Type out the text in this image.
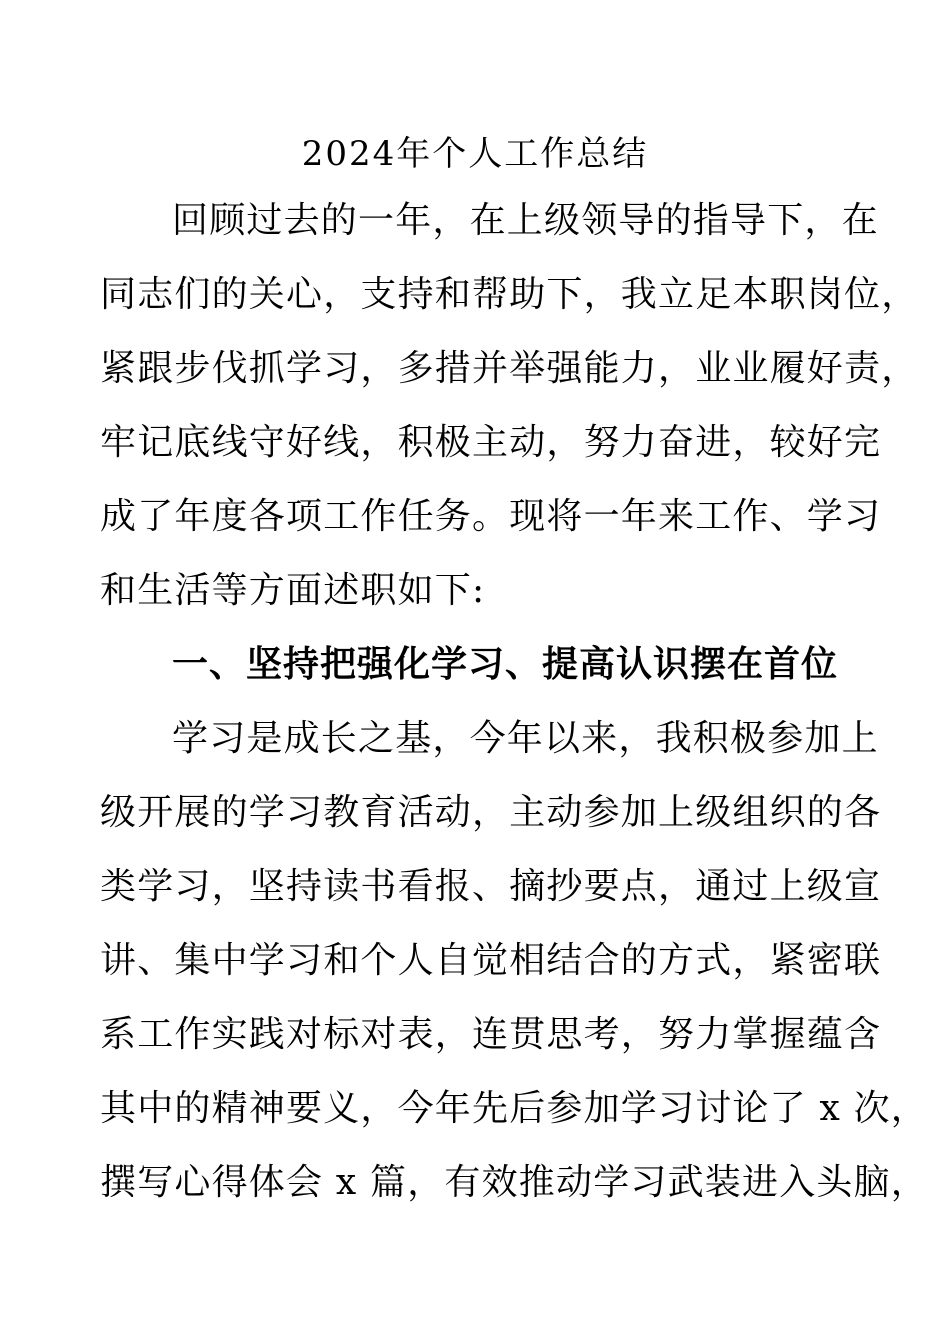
2024年个人工作总结

回顾过去的一年，在上级领导的指导下，在

同志们的关心，支持和帮助下，我立足本职岗位，

紧跟步伐抓学习，多措并举强能力，业业履好责，

牢记底线守好线，积极主动，努力奋进，较好完

成了年度各项工作任务。现将一年来工作、学习

和生活等方面述职如下:

一、坚持把强化学习、提高认识摆在首位

学习是成长之基，今年以来，我积极参加上

级开展的学习教育活动，主动参加上级组织的各

类学习，坚持读书看报、摘抄要点，通过上级宣

讲、集中学习和个人自觉相结合的方式，紧密联

系工作实践对标对表，连贯思考，努力掌握蕴含

其中的精神要义，今年先后参加学习讨论了 x 次，

撰写心得体会 x 篇，有效推动学习武装进入头脑，
